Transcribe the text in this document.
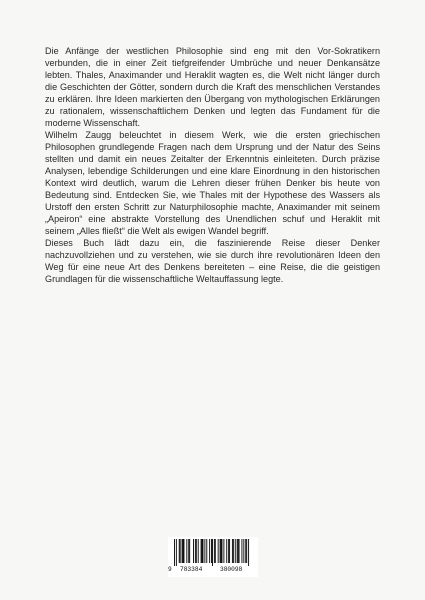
Die Anfänge der westlichen Philosophie sind eng mit den Vor-Sokratikern verbunden, die in einer Zeit tiefgreifender Umbrüche und neuer Denkansätze lebten. Thales, Anaximander und Heraklit wagten es, die Welt nicht länger durch die Geschichten der Götter, sondern durch die Kraft des menschlichen Verstandes zu erklären. Ihre Ideen markierten den Übergang von mythologischen Erklärungen zu rationalem, wissenschaftlichem Denken und legten das Fundament für die moderne Wissenschaft.

Wilhelm Zaugg beleuchtet in diesem Werk, wie die ersten griechischen Philosophen grundlegende Fragen nach dem Ursprung und der Natur des Seins stellten und damit ein neues Zeitalter der Erkenntnis einleiteten. Durch präzise Analysen, lebendige Schilderungen und eine klare Einordnung in den historischen Kontext wird deutlich, warum die Lehren dieser frühen Denker bis heute von Bedeutung sind. Entdecken Sie, wie Thales mit der Hypothese des Wassers als Urstoff den ersten Schritt zur Naturphilosophie machte, Anaximander mit seinem „Apeiron“ eine abstrakte Vorstellung des Unendlichen schuf und Heraklit mit seinem „Alles fließt“ die Welt als ewigen Wandel begriff.

Dieses Buch lädt dazu ein, die faszinierende Reise dieser Denker nachzuvollziehen und zu verstehen, wie sie durch ihre revolutionären Ideen den Weg für eine neue Art des Denkens bereiteten – eine Reise, die die geistigen Grundlagen für die wissenschaftliche Weltauffassung legte.

9 783384	380098
